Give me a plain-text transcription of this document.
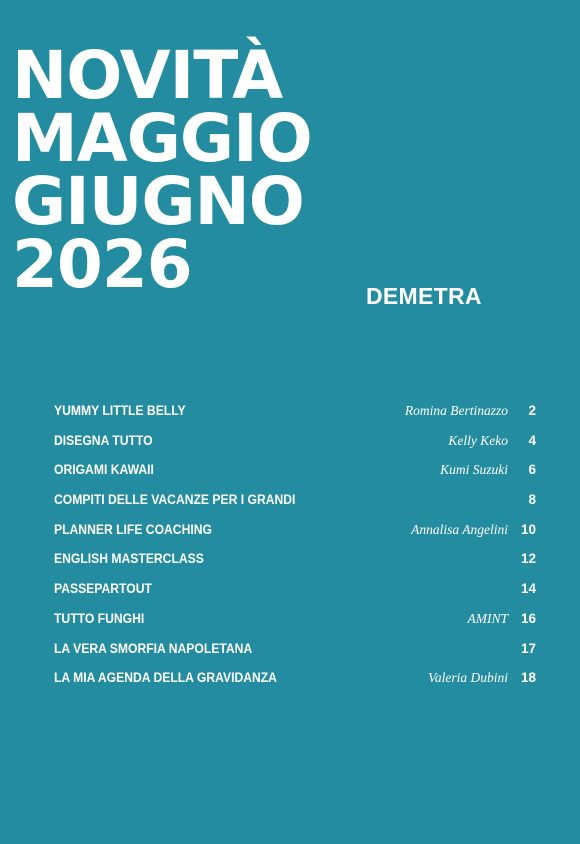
NOVITÀ
MAGGIO
GIUGNO
2026	DEMETRA
YUMMY LITTLE BELLY	Romina Bertinazzo 2
DISEGNA TUTTO	Kelly Keko 4
ORIGAMI KAWAII	Kumi Suzuki 6
COMPITI DELLE VACANZE PER I GRANDI	8
PLANNER LIFE COACHING	Annalisa Angelini 10
ENGLISH MASTERCLASS	12
PASSEPARTOUT	14
TUTTO FUNGHI	AMINT 16
LA VERA SMORFIA NAPOLETANA	17
LA MIA AGENDA DELLA GRAVIDANZA	Valeria Dubini 18
